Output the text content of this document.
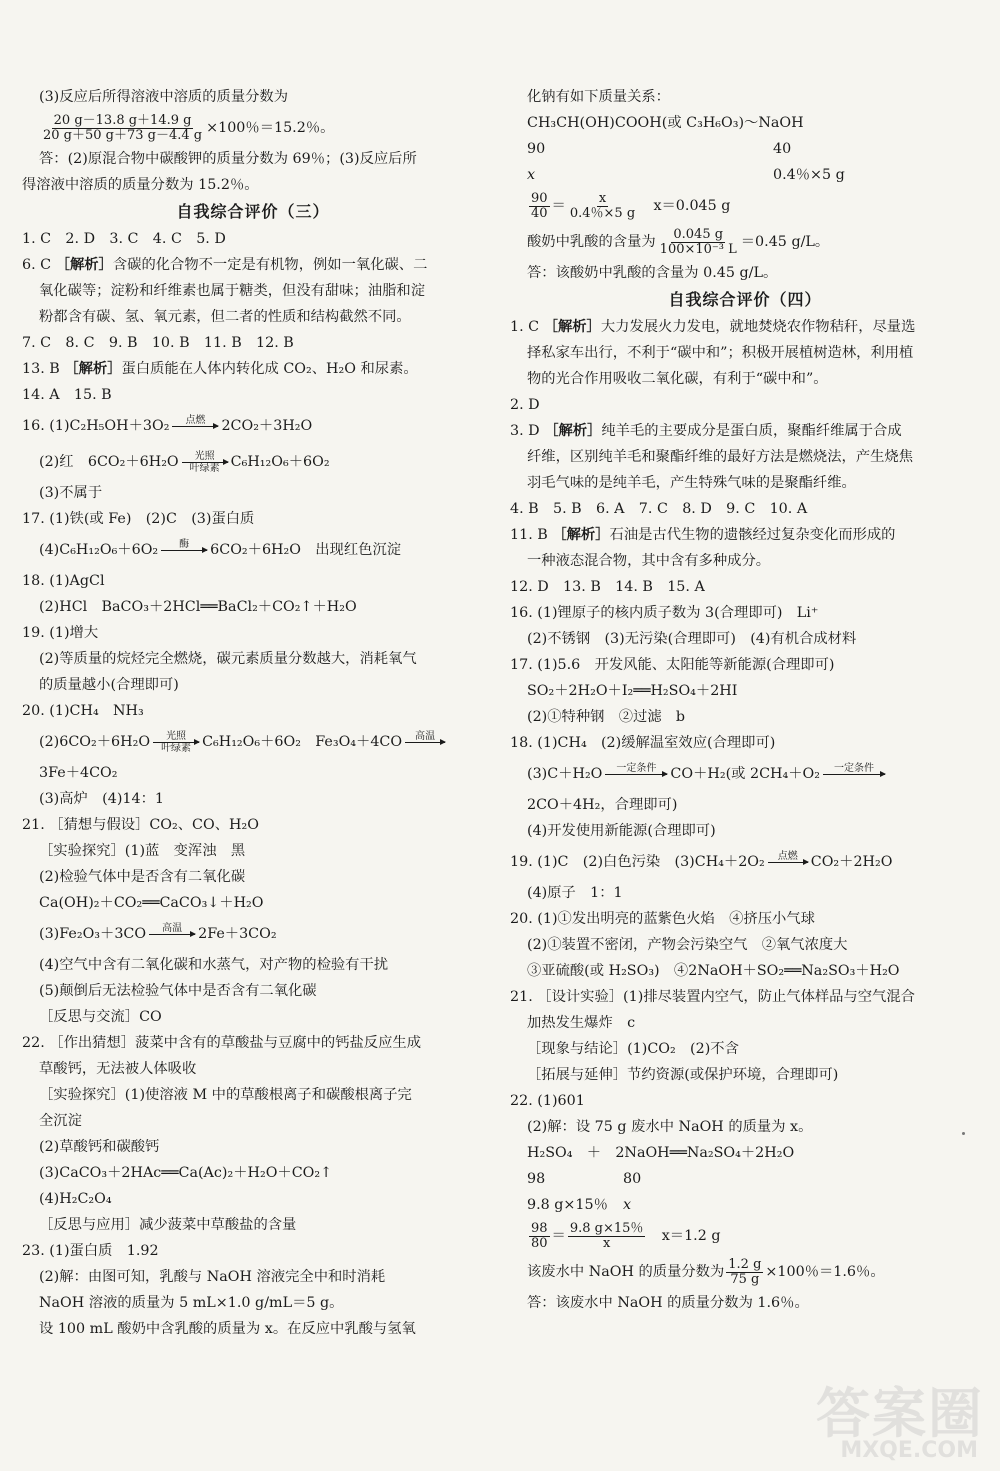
(3)反应后所得溶液中溶质的质量分数为
$\frac{20 g-13.8 g+14.9 g}{20 g+50 g+73 g-4.4 g} \times 100$％＝15.2％。
答：(2)原混合物中碳酸钾的质量分数为 69％；(3)反应后所
得溶液中溶质的质量分数为 15.2％。
自我综合评价（三）
1. C　2. D　3. C　4. C　5. D
6. C ［解析］含碳的化合物不一定是有机物，例如一氧化碳、二
氧化碳等；淀粉和纤维素也属于糖类，但没有甜味；油脂和淀
粉都含有碳、氢、氧元素，但二者的性质和结构截然不同。
7. C　8. C　9. B　10. B　11. B　12. B
13. B ［解析］蛋白质能在人体内转化成 CO₂、H₂O 和尿素。
14. A　15. B
16. (1)C₂H₅OH＋3O₂ 点燃 2CO₂＋3H₂O
(2)红　6CO₂＋6H₂O 光照
叶绿素 C₆H₁₂O₆＋6O₂
(3)不属于
17. (1)铁(或 Fe)　(2)C　(3)蛋白质
(4)C₆H₁₂O₆＋6O₂ 酶 6CO₂＋6H₂O　出现红色沉淀
18. (1)AgCl
(2)HCl　BaCO₃＋2HCl══BaCl₂＋CO₂↑＋H₂O
19. (1)增大
(2)等质量的烷烃完全燃烧，碳元素质量分数越大，消耗氧气
的质量越小(合理即可)
20. (1)CH₄　NH₃
(2)6CO₂＋6H₂O 光照
叶绿素 C₆H₁₂O₆＋6O₂　Fe₃O₄＋4CO 高温
3Fe＋4CO₂
(3)高炉　(4)14：1
21. ［猜想与假设］CO₂、CO、H₂O
［实验探究］(1)蓝　变浑浊　黑
(2)检验气体中是否含有二氧化碳
Ca(OH)₂＋CO₂══CaCO₃↓＋H₂O
(3)Fe₂O₃＋3CO 高温 2Fe＋3CO₂
(4)空气中含有二氧化碳和水蒸气，对产物的检验有干扰
(5)颠倒后无法检验气体中是否含有二氧化碳
［反思与交流］CO
22. ［作出猜想］菠菜中含有的草酸盐与豆腐中的钙盐反应生成
草酸钙，无法被人体吸收
［实验探究］(1)使溶液 M 中的草酸根离子和碳酸根离子完
全沉淀
(2)草酸钙和碳酸钙
(3)CaCO₃＋2HAc══Ca(Ac)₂＋H₂O＋CO₂↑
(4)H₂C₂O₄
［反思与应用］减少菠菜中草酸盐的含量
23. (1)蛋白质　1.92
(2)解：由图可知，乳酸与 NaOH 溶液完全中和时消耗
NaOH 溶液的质量为 5 mL×1.0 g/mL＝5 g。
设 100 mL 酸奶中含乳酸的质量为 x。在反应中乳酸与氢氧
化钠有如下质量关系：
CH₃CH(OH)COOH(或 C₃H₆O₃)～NaOH
90	40
x	0.4％×5 g
$\frac{90}{40} = \frac{x}{0.4\%\times 5 g}$
　 x＝0.045 g
酸奶中乳酸的含量为 $\frac{0.045 g}{\text{100×10⁻³ L}} =0.45$ g/L。
答：该酸奶中乳酸的含量为 0.45 g/L。
自我综合评价（四）
1. C ［解析］大力发展火力发电，就地焚烧农作物秸秆，尽量选
择私家车出行，不利于“碳中和”；积极开展植树造林，利用植
物的光合作用吸收二氧化碳，有利于“碳中和”。
2. D
3. D ［解析］纯羊毛的主要成分是蛋白质，聚酯纤维属于合成
纤维，区别纯羊毛和聚酯纤维的最好方法是燃烧法，产生烧焦
羽毛气味的是纯羊毛，产生特殊气味的是聚酯纤维。
4. B　5. B　6. A　7. C　8. D　9. C　10. A
11. B ［解析］石油是古代生物的遗骸经过复杂变化而形成的
一种液态混合物，其中含有多种成分。
12. D　13. B　14. B　15. A
16. (1)锂原子的核内质子数为 3(合理即可)　Li⁺
(2)不锈钢　(3)无污染(合理即可)　(4)有机合成材料
17. (1)5.6　开发风能、太阳能等新能源(合理即可)
SO₂＋2H₂O＋I₂══H₂SO₄＋2HI
(2)①特种钢　②过滤　b
18. (1)CH₄　(2)缓解温室效应(合理即可)
(3)C＋H₂O 一定条件 CO＋H₂(或 2CH₄＋O₂ 一定条件
2CO＋4H₂，合理即可)
(4)开发使用新能源(合理即可)
19. (1)C　(2)白色污染　(3)CH₄＋2O₂ 点燃 CO₂＋2H₂O
(4)原子　1：1
20. (1)①发出明亮的蓝紫色火焰　④挤压小气球
(2)①装置不密闭，产物会污染空气　②氧气浓度大
③亚硫酸(或 H₂SO₃)　④2NaOH＋SO₂══Na₂SO₃＋H₂O
21. ［设计实验］(1)排尽装置内空气，防止气体样品与空气混合
加热发生爆炸　c
［现象与结论］(1)CO₂　(2)不含
［拓展与延伸］节约资源(或保护环境，合理即可)
22. (1)601
(2)解：设 75 g 废水中 NaOH 的质量为 x。
H₂SO₄　＋　2NaOH══Na₂SO₄＋2H₂O
98	80
9.8 g×15％ x
$\frac{98}{80} = \frac{9.8 g\times 15\%}{x}$
　 x＝1.2 g
该废水中 NaOH 的质量分数为 $\frac{1.2 g}{75 g} \times 100$％＝1.6％。
答：该废水中 NaOH 的质量分数为 1.6％。
答案圈
MXQE.COM
